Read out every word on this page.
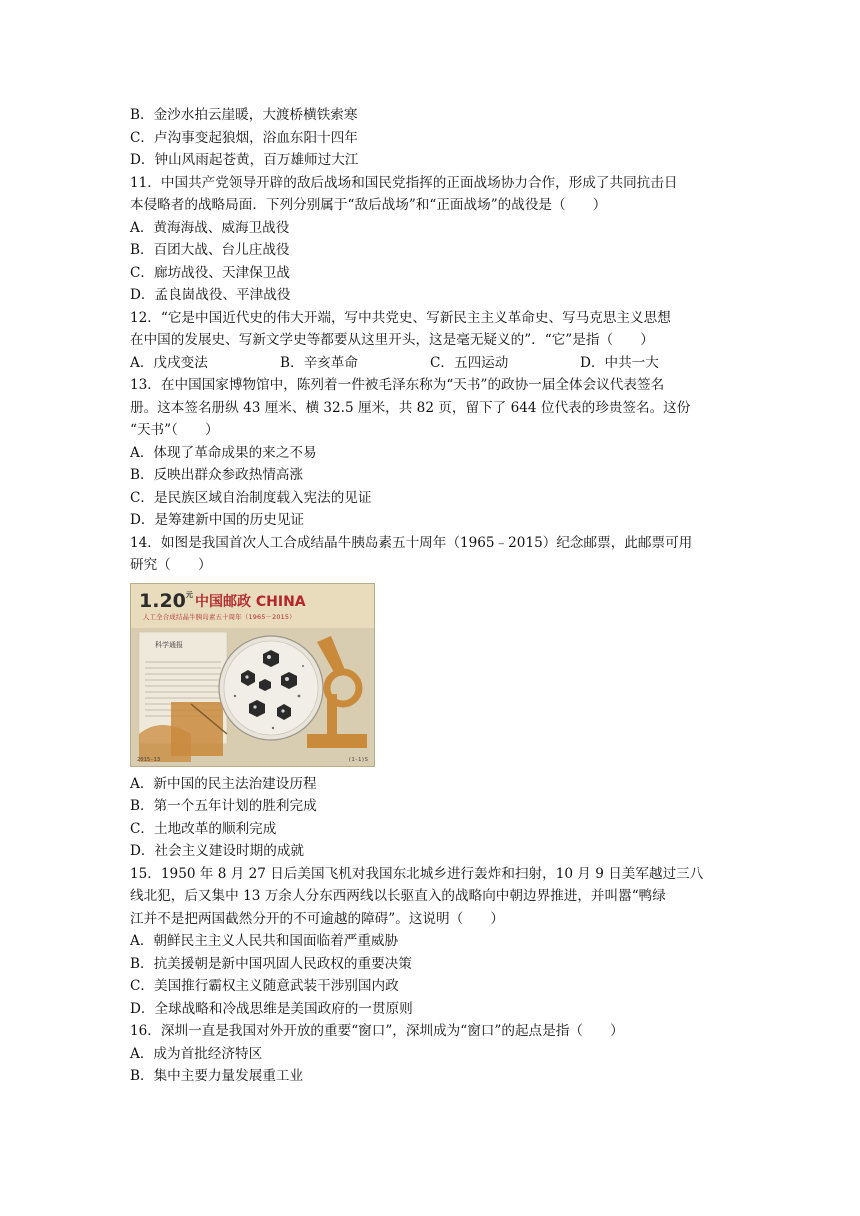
B．金沙水拍云崖暖，大渡桥横铁索寒
C．卢沟事变起狼烟，浴血东阳十四年
D．钟山风雨起苍黄，百万雄师过大江
11．中国共产党领导开辟的敌后战场和国民党指挥的正面战场协力合作，形成了共同抗击日
本侵略者的战略局面．下列分别属于“敌后战场”和“正面战场”的战役是（　　）
A．黄海海战、威海卫战役
B．百团大战、台儿庄战役
C．廊坊战役、天津保卫战
D．孟良崮战役、平津战役
12．“它是中国近代史的伟大开端，写中共党史、写新民主主义革命史、写马克思主义思想
在中国的发展史、写新文学史等都要从这里开头，这是毫无疑义的”．“它”是指（　　）
A．戊戌变法	B．辛亥革命	C．五四运动	D．中共一大
13．在中国国家博物馆中，陈列着一件被毛泽东称为“天书”的政协一届全体会议代表签名
册。这本签名册纵 43 厘米、横 32.5 厘米，共 82 页，留下了 644 位代表的珍贵签名。这份
“天书”（　　）
A．体现了革命成果的来之不易
B．反映出群众参政热情高涨
C．是民族区域自治制度载入宪法的见证
D．是筹建新中国的历史见证
14．如图是我国首次人工合成结晶牛胰岛素五十周年（1965﹣2015）纪念邮票，此邮票可用
研究（　　）
$1.20^元$ 中国邮政 CHINA
人工全合成结晶牛胰岛素五十周年（1965－2015）
科学通报
2015-13	(1-1)S
A．新中国的民主法治建设历程
B．第一个五年计划的胜利完成
C．土地改革的顺利完成
D．社会主义建设时期的成就
15．1950 年 8 月 27 日后美国飞机对我国东北城乡进行轰炸和扫射，10 月 9 日美军越过三八
线北犯，后又集中 13 万余人分东西两线以长驱直入的战略向中朝边界推进，并叫嚣“鸭绿
江并不是把两国截然分开的不可逾越的障碍”。这说明（　　）
A．朝鲜民主主义人民共和国面临着严重威胁
B．抗美援朝是新中国巩固人民政权的重要决策
C．美国推行霸权主义随意武装干涉别国内政
D．全球战略和冷战思维是美国政府的一贯原则
16．深圳一直是我国对外开放的重要“窗口”，深圳成为“窗口”的起点是指（　　）
A．成为首批经济特区
B．集中主要力量发展重工业
